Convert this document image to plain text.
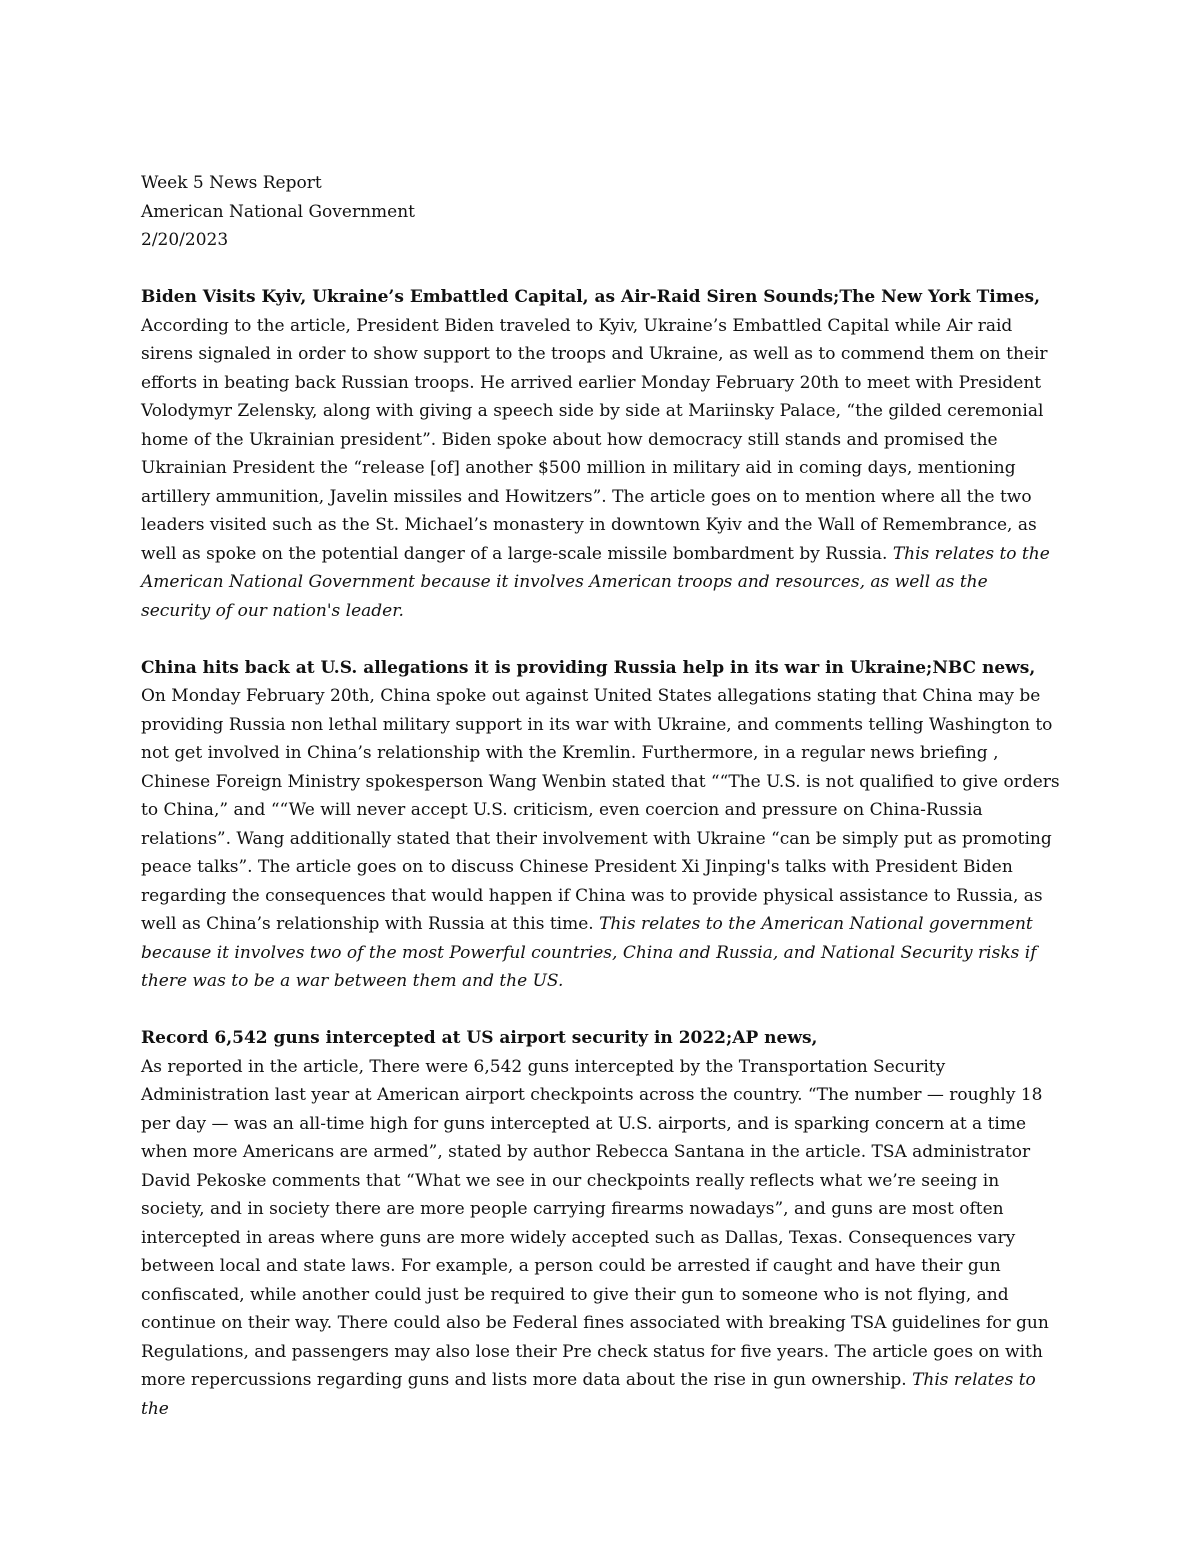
Week 5 News Report
American National Government
2/20/2023
Biden Visits Kyiv, Ukraine’s Embattled Capital, as Air-Raid Siren Sounds;The New York Times,

According to the article, President Biden traveled to Kyiv, Ukraine’s Embattled Capital while Air raid sirens signaled in order to show support to the troops and Ukraine, as well as to commend them on their efforts in beating back Russian troops. He arrived earlier Monday February 20th to meet with President Volodymyr Zelensky, along with giving a speech side by side at Mariinsky Palace, “the gilded ceremonial home of the Ukrainian president”. Biden spoke about how democracy still stands and promised the Ukrainian President the “release [of] another $500 million in military aid in coming days, mentioning artillery ammunition, Javelin missiles and Howitzers”. The article goes on to mention where all the two leaders visited such as the St. Michael’s monastery in downtown Kyiv and the Wall of Remembrance, as well as spoke on the potential danger of a large-scale missile bombardment by Russia. This relates to the American National Government because it involves American troops and resources, as well as the security of our nation's leader.

China hits back at U.S. allegations it is providing Russia help in its war in Ukraine;NBC news,

On Monday February 20th, China spoke out against United States allegations stating that China may be providing Russia non lethal military support in its war with Ukraine, and comments telling Washington to not get involved in China’s relationship with the Kremlin. Furthermore, in a regular news briefing , Chinese Foreign Ministry spokesperson Wang Wenbin stated that ““The U.S. is not qualified to give orders to China,” and ““We will never accept U.S. criticism, even coercion and pressure on China-Russia relations”. Wang additionally stated that their involvement with Ukraine “can be simply put as promoting peace talks”. The article goes on to discuss Chinese President Xi Jinping's talks with President Biden regarding the consequences that would happen if China was to provide physical assistance to Russia, as well as China’s relationship with Russia at this time. This relates to the American National government because it involves two of the most Powerful countries, China and Russia, and National Security risks if there was to be a war between them and the US.

Record 6,542 guns intercepted at US airport security in 2022;AP news,

As reported in the article, There were 6,542 guns intercepted by the Transportation Security Administration last year at American airport checkpoints across the country. “The number — roughly 18 per day — was an all-time high for guns intercepted at U.S. airports, and is sparking concern at a time when more Americans are armed”, stated by author Rebecca Santana in the article. TSA administrator David Pekoske comments that “What we see in our checkpoints really reflects what we’re seeing in society, and in society there are more people carrying firearms nowadays”, and guns are most often intercepted in areas where guns are more widely accepted such as Dallas, Texas. Consequences vary between local and state laws. For example, a person could be arrested if caught and have their gun confiscated, while another could just be required to give their gun to someone who is not flying, and continue on their way. There could also be Federal fines associated with breaking TSA guidelines for gun Regulations, and passengers may also lose their Pre check status for five years. The article goes on with more repercussions regarding guns and lists more data about the rise in gun ownership. This relates to the
